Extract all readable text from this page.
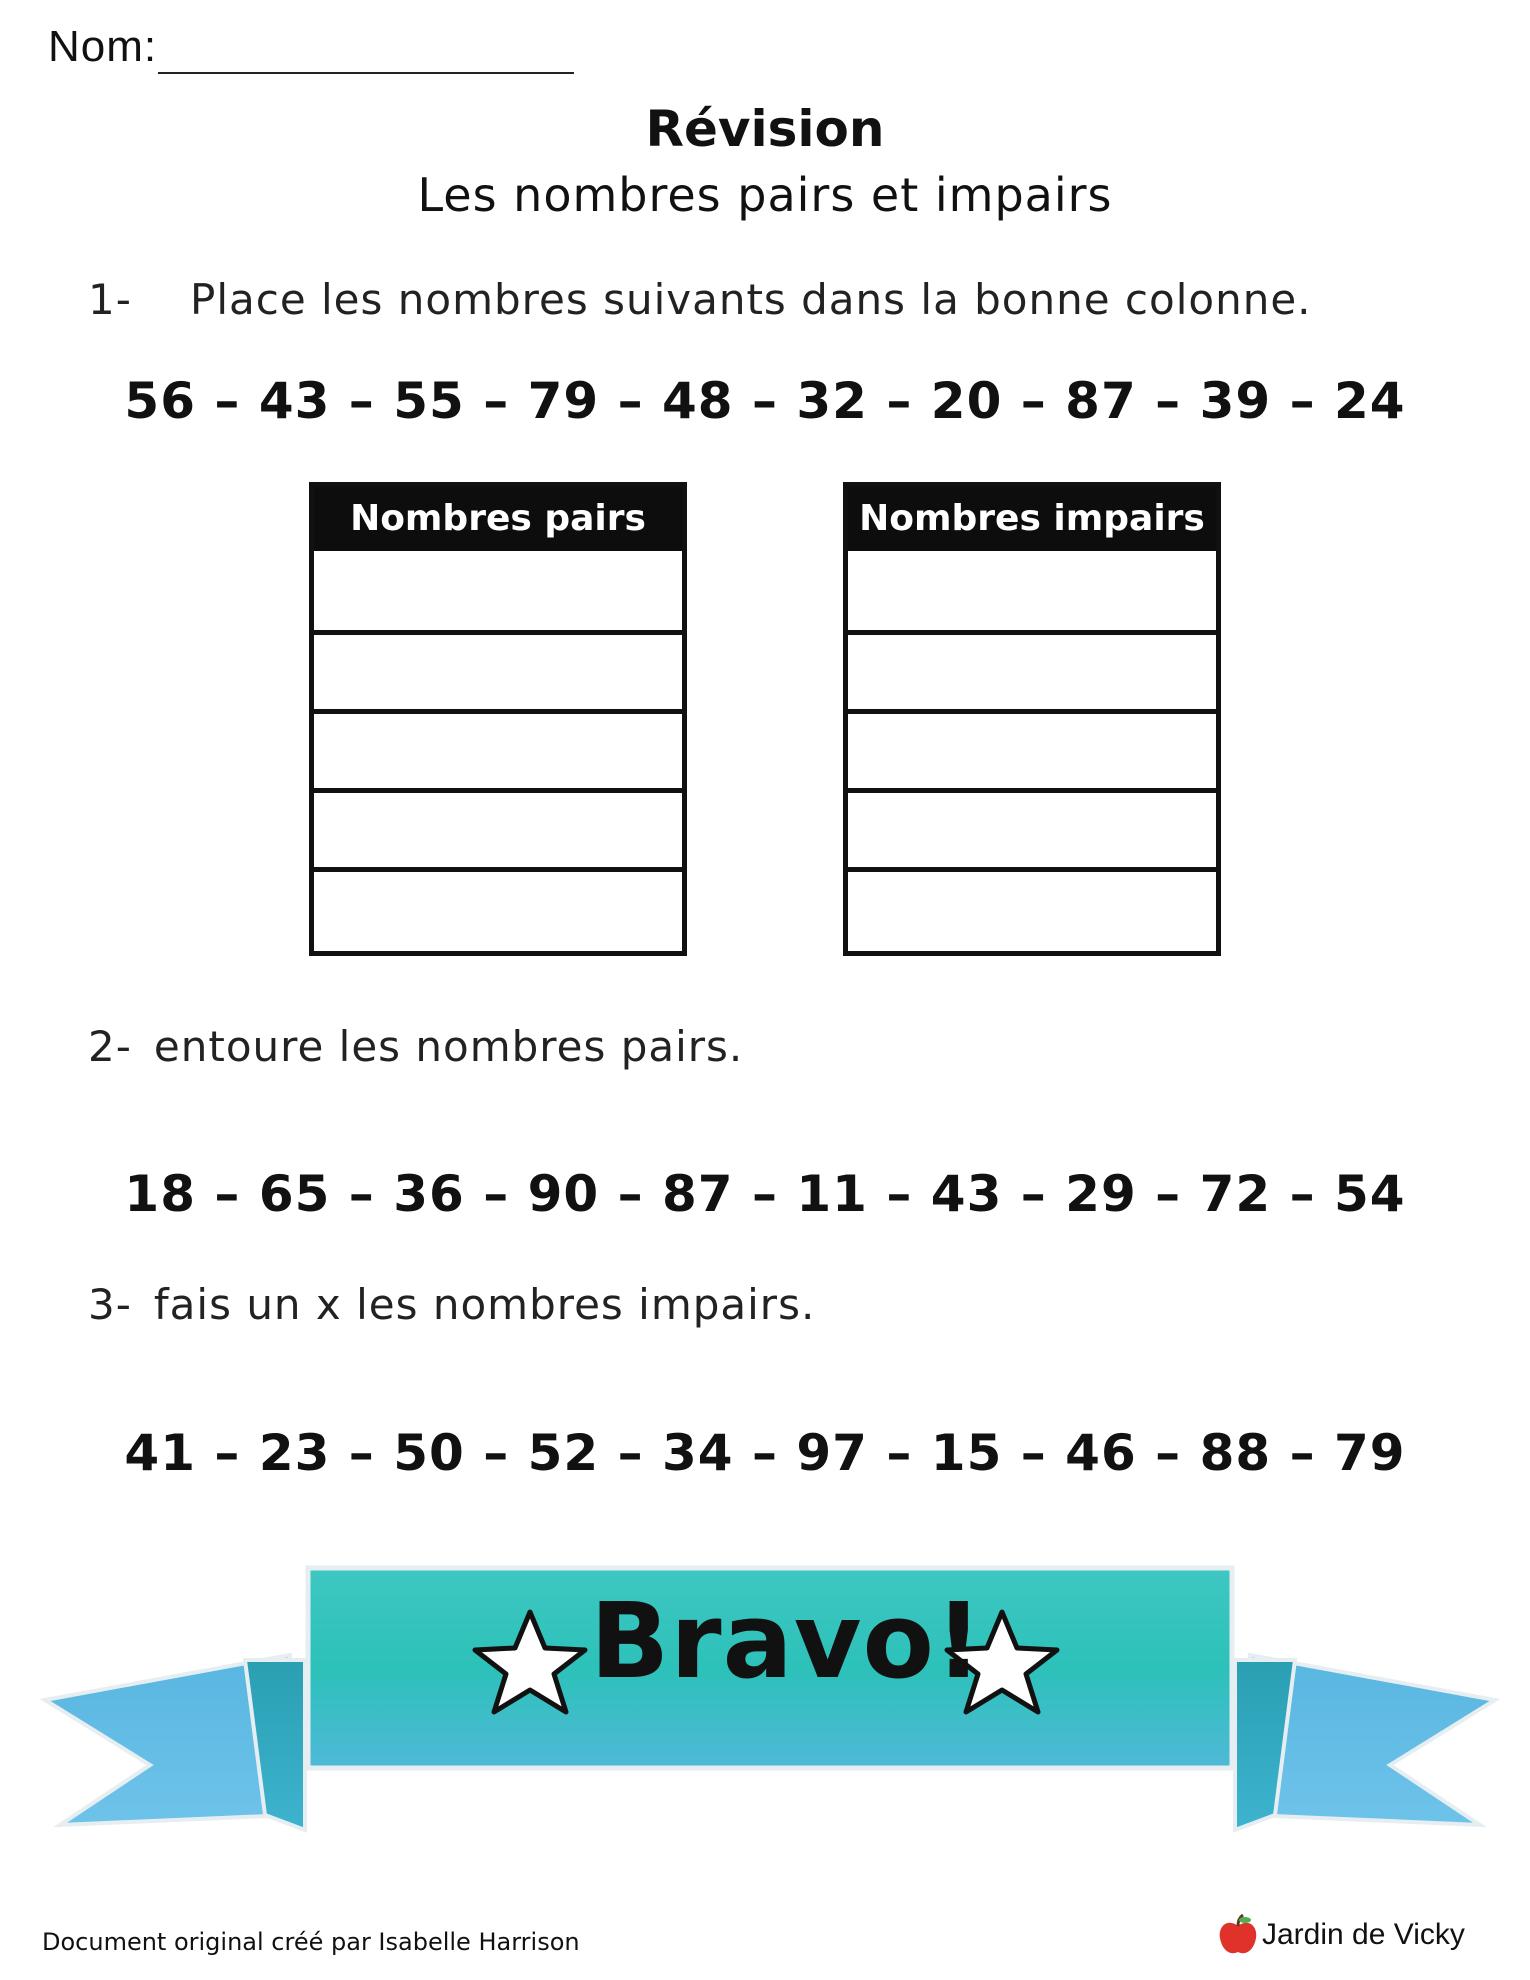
Nom:
Révision
Les nombres pairs et impairs
1- Place les nombres suivants dans la bonne colonne.
56 – 43 – 55 – 79 – 48 – 32 – 20 – 87 – 39 – 24
Nombres pairs	Nombres impairs
2- entoure les nombres pairs.
18 – 65 – 36 – 90 – 87 – 11 – 43 – 29 – 72 – 54
3- fais un x les nombres impairs.
41 – 23 – 50 – 52 – 34 – 97 – 15 – 46 – 88 – 79
Bravo!
Document original créé par Isabelle Harrison	Jardin de Vicky
